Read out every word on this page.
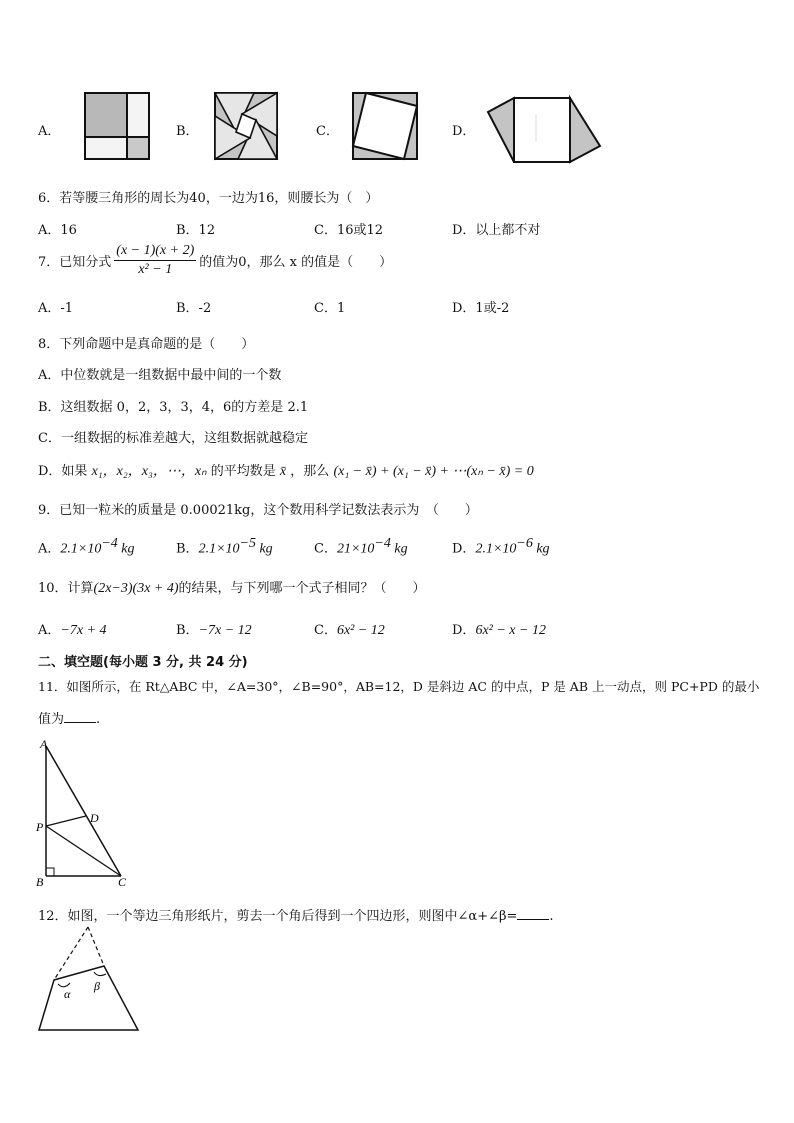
A．	B．	C．	D．
6．若等腰三角形的周长为40，一边为16，则腰长为（　）
A．16	B．12	C．16或12	D．以上都不对
7．已知分式 $\frac{(x - 1)(x + 2)}{\text{x² − 1}}$ 的值为0，那么 x 的值是（　　）
A．-1	B．-2	C．1	D．1或-2
8．下列命题中是真命题的是（　　）
A．中位数就是一组数据中最中间的一个数
B．这组数据 0，2，3，3，4，6的方差是 2.1
C．一组数据的标准差越大，这组数据就越稳定
D．如果 x₁，x₂，x₃，⋯，xₙ 的平均数是 x̄ ，那么 (x₁ − x̄) + (x₁ − x̄) + ⋯(xₙ − x̄) = 0
9．已知一粒米的质量是 0.00021kg，这个数用科学记数法表示为　（　　）
A．$2.1\times 10^{-4}$ kg	B．$2.1\times 10^{-5}$ kg	C．$21\times 10^{-4}$ kg	D．$2.1\times 10^{-6}$ kg
10．计算(2x−3)(3x + 4)的结果，与下列哪一个式子相同？（　　）
A．−7x + 4	B．−7x − 12	C．6x² − 12	D．6x² − x − 12
二、填空题(每小题 3 分, 共 24 分)
11．如图所示，在 Rt△ABC 中，∠A=30°，∠B=90°，AB=12，D 是斜边 AC 的中点，P 是 AB 上一动点，则 PC+PD 的最小
值为 .
A
P
D
B	C
12．如图，一个等边三角形纸片，剪去一个角后得到一个四边形，则图中∠α+∠β= .
α
β
